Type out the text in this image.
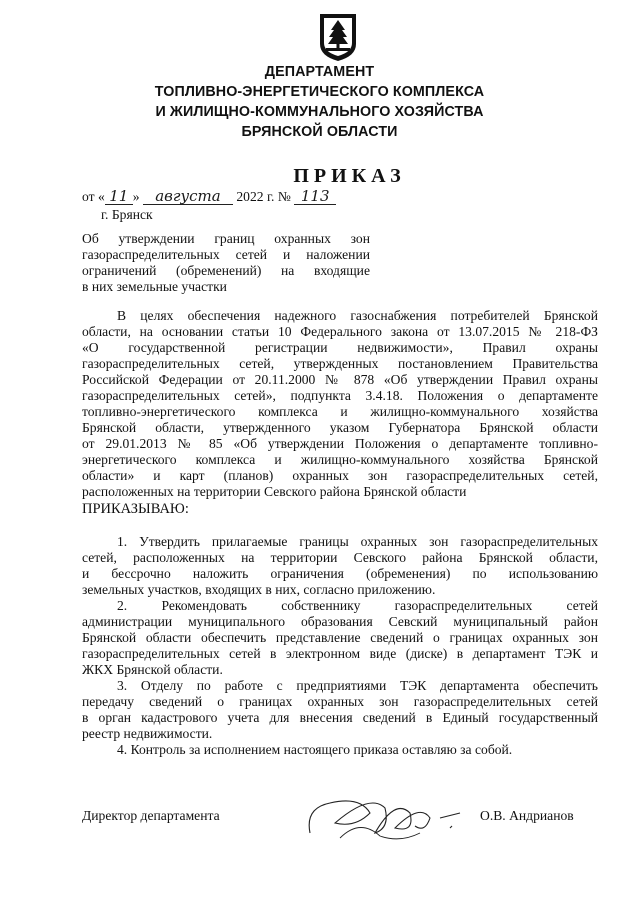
ДЕПАРТАМЕНТ
ТОПЛИВНО-ЭНЕРГЕТИЧЕСКОГО КОМПЛЕКСА
И ЖИЛИЩНО-КОММУНАЛЬНОГО ХОЗЯЙСТВА
БРЯНСКОЙ ОБЛАСТИ
ПРИКАЗ
от « 11 » августа 2022 г. № 113
г. Брянск
Об утверждении границ охранных зон
газораспределительных сетей и наложении
ограничений (обременений) на входящие
в них земельные участки
В целях обеспечения надежного газоснабжения потребителей Брянской
области, на основании статьи 10 Федерального закона от 13.07.2015 № 218-ФЗ
«О государственной регистрации недвижимости», Правил охраны
газораспределительных сетей, утвержденных постановлением Правительства
Российской Федерации от 20.11.2000 № 878 «Об утверждении Правил охраны
газораспределительных сетей», подпункта 3.4.18. Положения о департаменте
топливно-энергетического комплекса и жилищно-коммунального хозяйства
Брянской области, утвержденного указом Губернатора Брянской области
от 29.01.2013 № 85 «Об утверждении Положения о департаменте топливно-
энергетического комплекса и жилищно-коммунального хозяйства Брянской
области» и карт (планов) охранных зон газораспределительных сетей,
расположенных на территории Севского района Брянской области
ПРИКАЗЫВАЮ:
1. Утвердить прилагаемые границы охранных зон газораспределительных
сетей, расположенных на территории Севского района Брянской области,
и бессрочно наложить ограничения (обременения) по использованию
земельных участков, входящих в них, согласно приложению.
2. Рекомендовать собственнику газораспределительных сетей
администрации муниципального образования Севский муниципальный район
Брянской области обеспечить представление сведений о границах охранных зон
газораспределительных сетей в электронном виде (диске) в департамент ТЭК и
ЖКХ Брянской области.
3. Отделу по работе с предприятиями ТЭК департамента обеспечить
передачу сведений о границах охранных зон газораспределительных сетей
в орган кадастрового учета для внесения сведений в Единый государственный
реестр недвижимости.
4. Контроль за исполнением настоящего приказа оставляю за собой.
Директор департамента	О.В. Андрианов
